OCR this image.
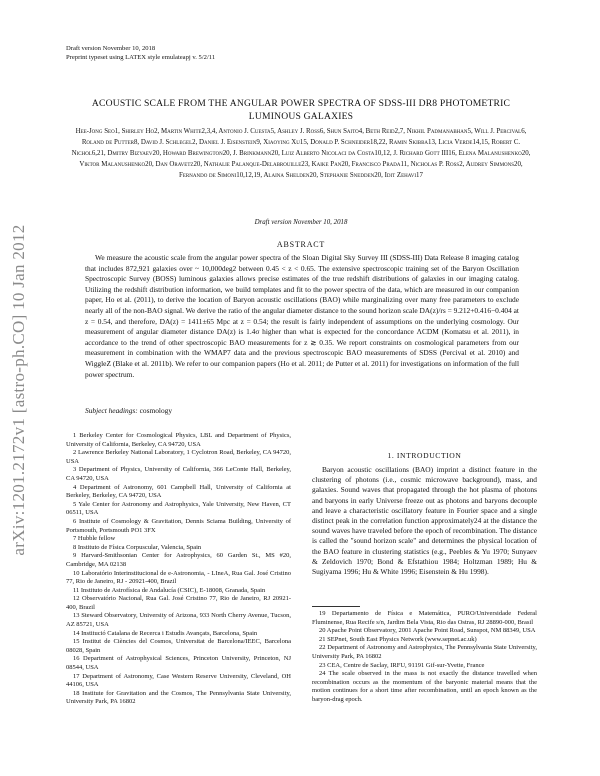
arXiv:1201.2172v1 [astro-ph.CO] 10 Jan 2012
Draft version November 10, 2018
Preprint typeset using LATEX style emulateapj v. 5/2/11
ACOUSTIC SCALE FROM THE ANGULAR POWER SPECTRA OF SDSS-III DR8 PHOTOMETRIC LUMINOUS GALAXIES
Hee-Jong Seo1, Shirley Ho2, Martin White2,3,4, Antonio J. Cuesta5, Ashley J. Ross6, Shun Saito4, Beth Reid2,7, Nikhil Padmanabhan5, Will J. Percival6, Roland de Putter8, David J. Schlegel2, Daniel J. Eisenstein9, Xiaoying Xu15, Donald P. Schneider18,22, Ramin Skibba13, Licia Verde14,15, Robert C. Nichol6,21, Dmitry Bizyaev20, Howard Brewington20, J. Brinkmann20, Luiz Alberto Nicolaci da Costa10,12, J. Richard Gott III16, Elena Malanushenko20, Viktor Malanushenko20, Dan Oravetz20, Nathalie Palanque-Delabrouille23, Kaike Pan20, Francisco Prada11, Nicholas P. Ross2, Audrey Simmons20, Fernando de Simoni10,12,19, Alaina Shelden20, Stephanie Snedden20, Idit Zehavi17
Draft version November 10, 2018
ABSTRACT

We measure the acoustic scale from the angular power spectra of the Sloan Digital Sky Survey III (SDSS-III) Data Release 8 imaging catalog that includes 872,921 galaxies over ~ 10,000deg2 between 0.45 < z < 0.65. The extensive spectroscopic training set of the Baryon Oscillation Spectroscopic Survey (BOSS) luminous galaxies allows precise estimates of the true redshift distributions of galaxies in our imaging catalog. Utilizing the redshift distribution information, we build templates and fit to the power spectra of the data, which are measured in our companion paper, Ho et al. (2011), to derive the location of Baryon acoustic oscillations (BAO) while marginalizing over many free parameters to exclude nearly all of the non-BAO signal. We derive the ratio of the angular diameter distance to the sound horizon scale DA(z)/rs = 9.212+0.416−0.404 at z = 0.54, and therefore, DA(z) = 1411±65 Mpc at z = 0.54; the result is fairly independent of assumptions on the underlying cosmology. Our measurement of angular diameter distance DA(z) is 1.4σ higher than what is expected for the concordance ΛCDM (Komatsu et al. 2011), in accordance to the trend of other spectroscopic BAO measurements for z ≳ 0.35. We report constraints on cosmological parameters from our measurement in combination with the WMAP7 data and the previous spectroscopic BAO measurements of SDSS (Percival et al. 2010) and WiggleZ (Blake et al. 2011b). We refer to our companion papers (Ho et al. 2011; de Putter et al. 2011) for investigations on information of the full power spectrum.

Subject headings: cosmology

1 Berkeley Center for Cosmological Physics, LBL and Department of Physics, University of California, Berkeley, CA 94720, USA

2 Lawrence Berkeley National Laboratory, 1 Cyclotron Road, Berkeley, CA 94720, USA

3 Department of Physics, University of California, 366 LeConte Hall, Berkeley, CA 94720, USA

4 Department of Astronomy, 601 Campbell Hall, University of California at Berkeley, Berkeley, CA 94720, USA

5 Yale Center for Astronomy and Astrophysics, Yale University, New Haven, CT 06511, USA

6 Institute of Cosmology & Gravitation, Dennis Sciama Building, University of Portsmouth, Portsmouth PO1 3FX

7 Hubble fellow

8 Instituto de Física Corpuscular, Valencia, Spain

9 Harvard-Smithsonian Center for Astrophysics, 60 Garden St., MS #20, Cambridge, MA 02138

10 Laboratório Interinstitucional de e-Astronomia, - LIneA, Rua Gal. José Cristino 77, Rio de Janeiro, RJ - 20921-400, Brazil

11 Instituto de Astrofísica de Andalucía (CSIC), E-18008, Granada, Spain

12 Observatório Nacional, Rua Gal. José Cristino 77, Rio de Janeiro, RJ 20921-400, Brazil

13 Steward Observatory, University of Arizona, 933 North Cherry Avenue, Tucson, AZ 85721, USA

14 Institució Catalana de Recerca i Estudis Avançats, Barcelona, Spain

15 Institut de Ciències del Cosmos, Universitat de Barcelona/IEEC, Barcelona 08028, Spain

16 Department of Astrophysical Sciences, Princeton University, Princeton, NJ 08544, USA

17 Department of Astronomy, Case Western Reserve University, Cleveland, OH 44106, USA

18 Institute for Gravitation and the Cosmos, The Pennsylvania State University, University Park, PA 16802

1. INTRODUCTION

Baryon acoustic oscillations (BAO) imprint a distinct feature in the clustering of photons (i.e., cosmic microwave background), mass, and galaxies. Sound waves that propagated through the hot plasma of photons and baryons in early Universe freeze out as photons and baryons decouple and leave a characteristic oscillatory feature in Fourier space and a single distinct peak in the correlation function approximately24 at the distance the sound waves have traveled before the epoch of recombination. The distance is called the "sound horizon scale" and determines the physical location of the BAO feature in clustering statistics (e.g., Peebles & Yu 1970; Sunyaev & Zeldovich 1970; Bond & Efstathiou 1984; Holtzman 1989; Hu & Sugiyama 1996; Hu & White 1996; Eisenstein & Hu 1998).

19 Departamento de Física e Matemática, PURO/Universidade Federal Fluminense, Rua Recife s/n, Jardim Bela Vista, Rio das Ostras, RJ 28890-000, Brasil

20 Apache Point Observatory, 2001 Apache Point Road, Sunspot, NM 88349, USA

21 SEPnet, South East Physics Network (www.sepnet.ac.uk)

22 Department of Astronomy and Astrophysics, The Pennsylvania State University, University Park, PA 16802

23 CEA, Centre de Saclay, IRFU, 91191 Gif-sur-Yvette, France

24 The scale observed in the mass is not exactly the distance travelled when recombination occurs as the momentum of the baryonic material means that the motion continues for a short time after recombination, until an epoch known as the baryon-drag epoch.
